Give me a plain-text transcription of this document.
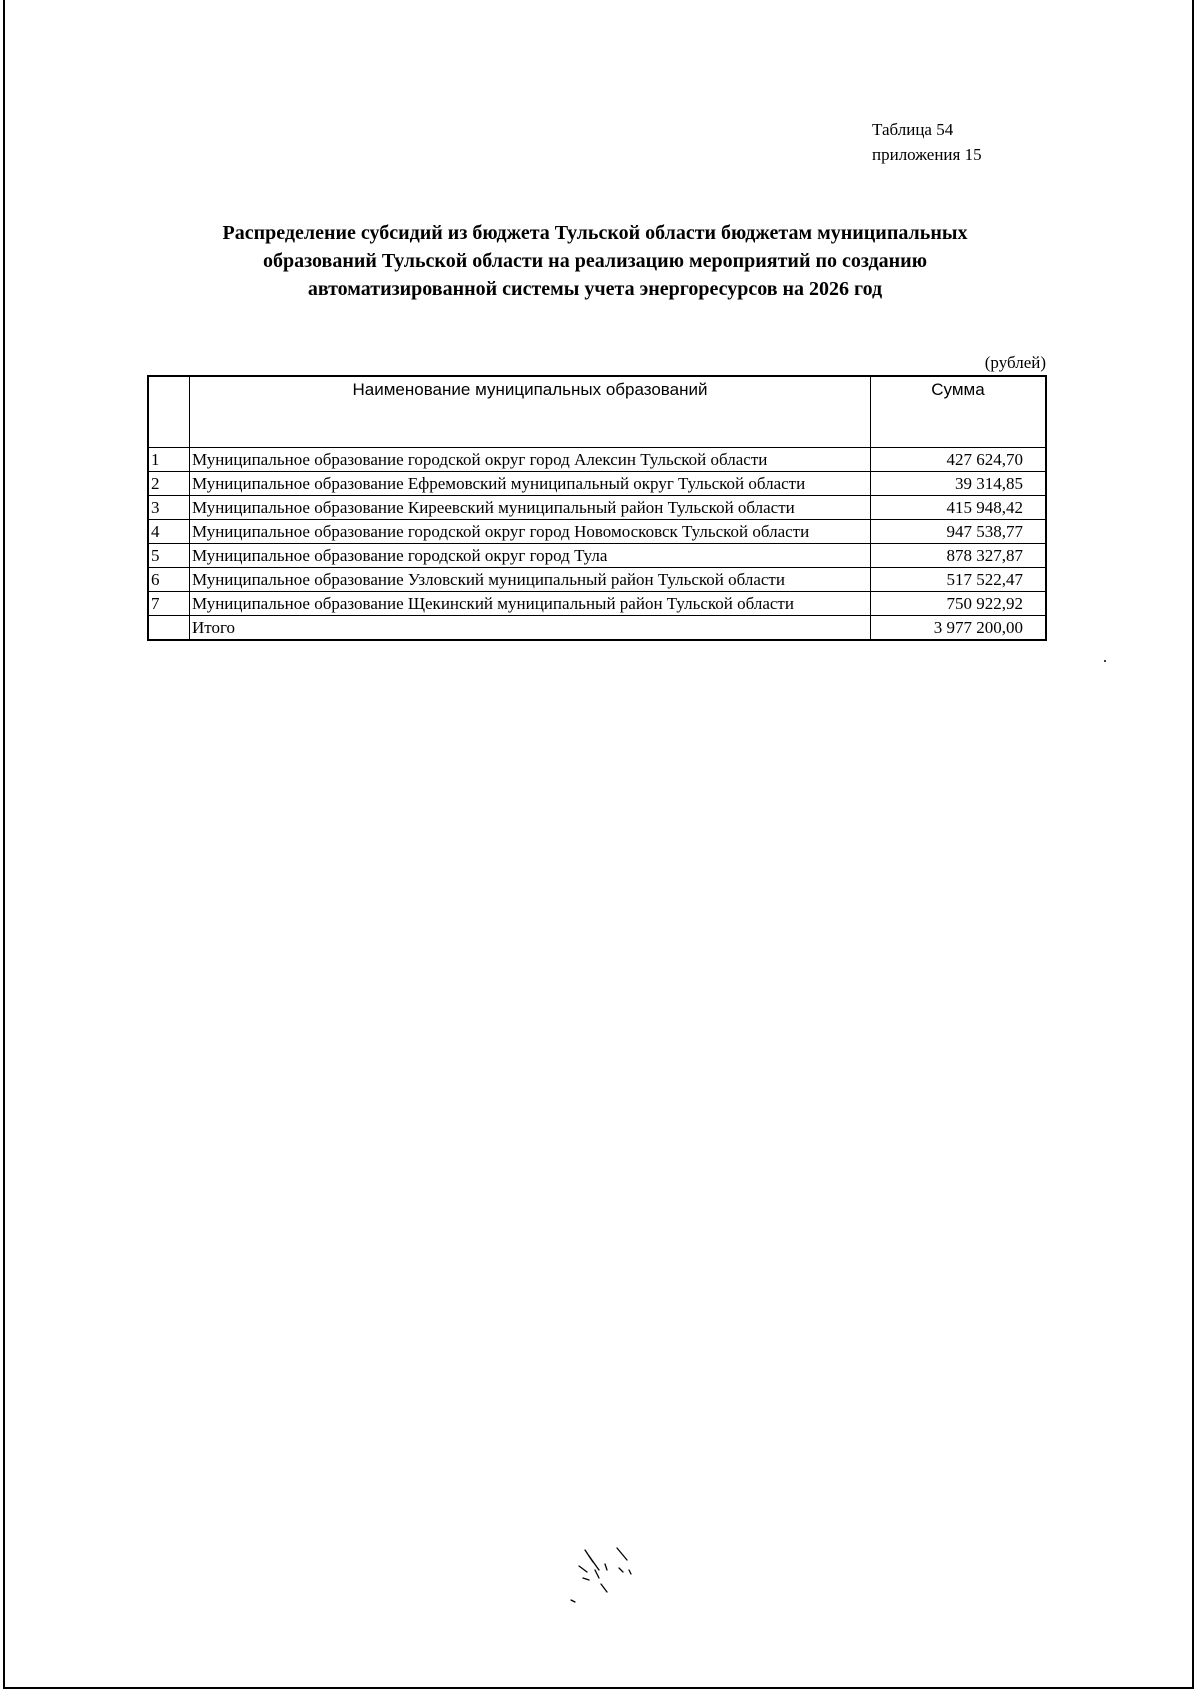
Таблица 54
приложения 15
Распределение субсидий из бюджета Тульской области бюджетам муниципальных
образований Тульской области на реализацию мероприятий по созданию
автоматизированной системы учета энергоресурсов на 2026 год
(рублей)
	Наименование муниципальных образований	Сумма
1	Муниципальное образование городской округ город Алексин Тульской области	427 624,70
2	Муниципальное образование Ефремовский муниципальный округ Тульской области	39 314,85
3	Муниципальное образование Киреевский муниципальный район Тульской области	415 948,42
4	Муниципальное образование городской округ город Новомосковск Тульской области	947 538,77
5	Муниципальное образование городской округ город Тула	878 327,87
6	Муниципальное образование Узловский муниципальный район Тульской области	517 522,47
7	Муниципальное образование Щекинский муниципальный район Тульской области	750 922,92
	Итого	3 977 200,00
